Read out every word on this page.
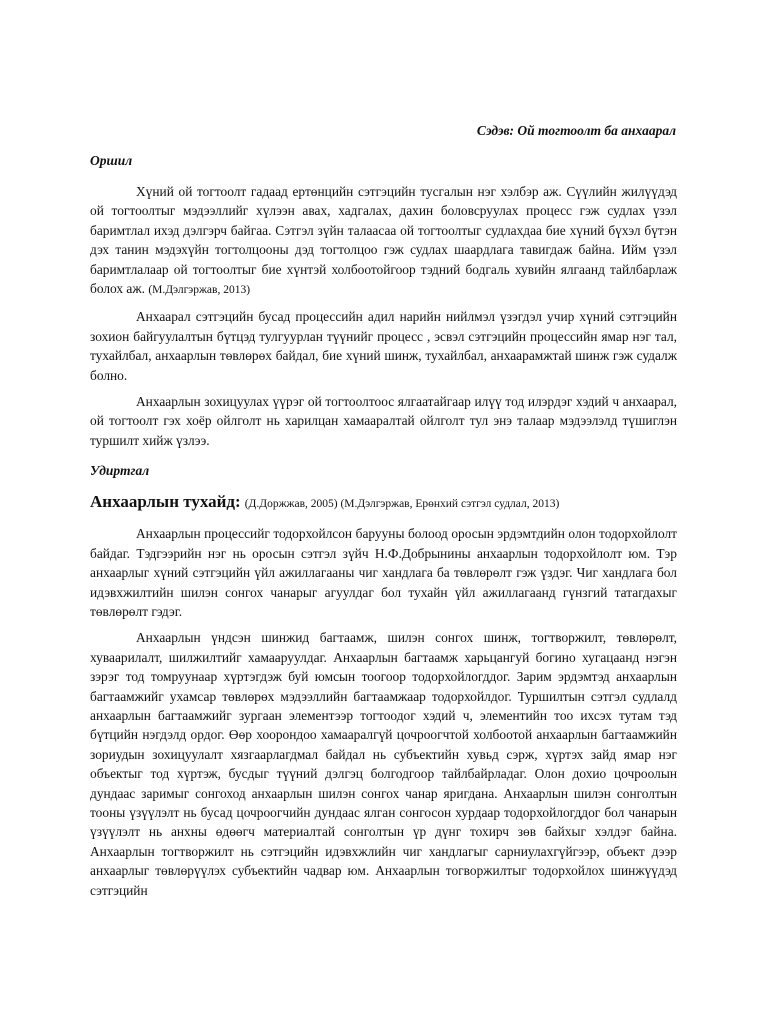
Сэдэв: Ой тогтоолт ба анхаарал
Оршил

Хүний ой тогтоолт гадаад ертөнцийн сэтгэцийн тусгалын нэг хэлбэр аж. Сүүлийн жилүүдэд ой тогтоолтыг мэдээллийг хүлээн авах, хадгалах, дахин боловсруулах процесс гэж судлах үзэл баримтлал ихэд дэлгэрч байгаа. Сэтгэл зүйн талаасаа ой тогтоолтыг судлахдаа бие хүний бүхэл бүтэн дэх танин мэдэхүйн тогтолцооны дэд тогтолцоо гэж судлах шаардлага тавигдаж байна. Ийм үзэл баримтлалаар ой тогтоолтыг бие хүнтэй холбоотойгоор тэдний бодгаль хувийн ялгаанд тайлбарлаж болох аж. (М.Дэлгэржав, 2013)

Анхаарал сэтгэцийн бусад процессийн адил нарийн нийлмэл үзэгдэл учир хүний сэтгэцийн зохион байгуулалтын бүтцэд тулгуурлан түүнийг процесс , эсвэл сэтгэцийн процессийн ямар нэг тал, тухайлбал, анхаарлын төвлөрөх байдал, бие хүний шинж, тухайлбал, анхаарамжтай шинж гэж судалж болно.

Анхаарлын зохицуулах үүрэг ой тогтоолтоос ялгаатайгаар илүү тод илэрдэг хэдий ч анхаарал, ой тогтоолт гэх хоёр ойлголт нь харилцан хамааралтай ойлголт тул энэ талаар мэдээлэлд түшиглэн туршилт хийж үзлээ.

Удиртгал
Анхаарлын тухайд: (Д.Доржжав, 2005) (М.Дэлгэржав, Ерөнхий сэтгэл судлал, 2013)

Анхаарлын процессийг тодорхойлсон барууны болоод оросын эрдэмтдийн олон тодорхойлолт байдаг. Тэдгээрийн нэг нь оросын сэтгэл зүйч Н.Ф.Добрынины анхаарлын тодорхойлолт юм. Тэр анхаарлыг хүний сэтгэцийн үйл ажиллагааны чиг хандлага ба төвлөрөлт гэж үздэг. Чиг хандлага бол идэвхжилтийн шилэн сонгох чанарыг агуулдаг бол тухайн үйл ажиллагаанд гүнзгий татагдахыг төвлөрөлт гэдэг.

Анхаарлын үндсэн шинжид багтаамж, шилэн сонгох шинж, тогтворжилт, төвлөрөлт, хуваарилалт, шилжилтийг хамааруулдаг. Анхаарлын багтаамж харьцангуй богино хугацаанд нэгэн зэрэг тод томруунаар хүртэгдэж буй юмсын тоогоор тодорхойлогддог. Зарим эрдэмтэд анхаарлын багтаамжийг ухамсар төвлөрөх мэдээллийн багтаамжаар тодорхойлдог. Туршилтын сэтгэл судлалд анхаарлын багтаамжийг зургаан элементээр тогтоодог хэдий ч, элементийн тоо ихсэх тутам тэд бүтцийн нэгдэлд ордог. Өөр хоорондоо хамааралгүй цочроогчтой холбоотой анхаарлын багтаамжийн зориудын зохицуулалт хязгаарлагдмал байдал нь субъектийн хувьд сэрж, хүртэх зайд ямар нэг объектыг тод хүртэж, бусдыг түүний дэлгэц болгодгоор тайлбайрладаг. Олон дохио цочроолын дундаас заримыг сонгоход анхаарлын шилэн сонгох чанар яригдана. Анхаарлын шилэн сонголтын тооны үзүүлэлт нь бусад цочроогчийн дундаас ялган сонгосон хурдаар тодорхойлогддог бол чанарын үзүүлэлт нь анхны өдөөгч материалтай сонголтын үр дүнг тохирч зөв байхыг хэлдэг байна. Анхаарлын тогтворжилт нь сэтгэцийн идэвхжлийн чиг хандлагыг сарниулахгүйгээр, объект дээр анхаарлыг төвлөрүүлэх субъектийн чадвар юм. Анхаарлын тогворжилтыг тодорхойлох шинжүүдэд сэтгэцийн
